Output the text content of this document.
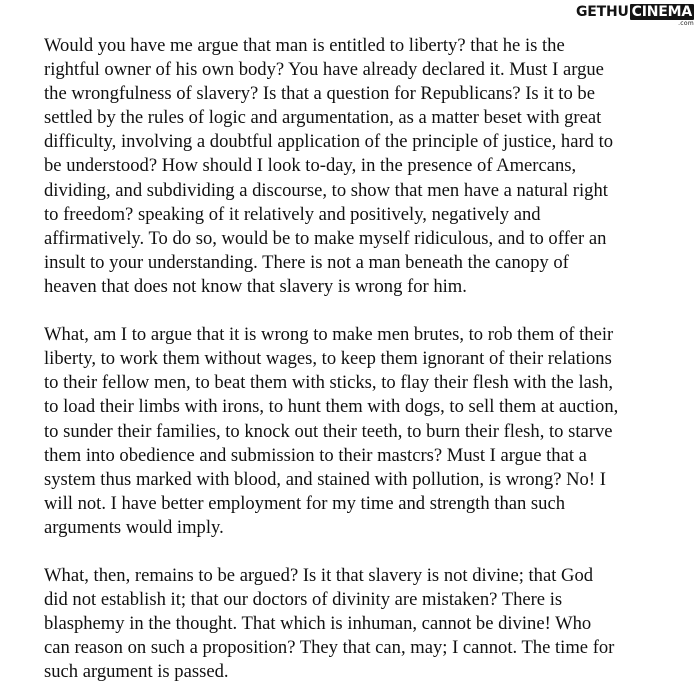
GETHU CINEMA
.com

Would you have me argue that man is entitled to liberty? that he is the
rightful owner of his own body? You have already declared it. Must I argue
the wrongfulness of slavery? Is that a question for Republicans? Is it to be
settled by the rules of logic and argumentation, as a matter beset with great
difficulty, involving a doubtful application of the principle of justice, hard to
be understood? How should I look to-day, in the presence of Amercans,
dividing, and subdividing a discourse, to show that men have a natural right
to freedom? speaking of it relatively and positively, negatively and
affirmatively. To do so, would be to make myself ridiculous, and to offer an
insult to your understanding. There is not a man beneath the canopy of
heaven that does not know that slavery is wrong for him.

What, am I to argue that it is wrong to make men brutes, to rob them of their
liberty, to work them without wages, to keep them ignorant of their relations
to their fellow men, to beat them with sticks, to flay their flesh with the lash,
to load their limbs with irons, to hunt them with dogs, to sell them at auction,
to sunder their families, to knock out their teeth, to burn their flesh, to starve
them into obedience and submission to their mastcrs? Must I argue that a
system thus marked with blood, and stained with pollution, is wrong? No! I
will not. I have better employment for my time and strength than such
arguments would imply.

What, then, remains to be argued? Is it that slavery is not divine; that God
did not establish it; that our doctors of divinity are mistaken? There is
blasphemy in the thought. That which is inhuman, cannot be divine! Who
can reason on such a proposition? They that can, may; I cannot. The time for
such argument is passed.
